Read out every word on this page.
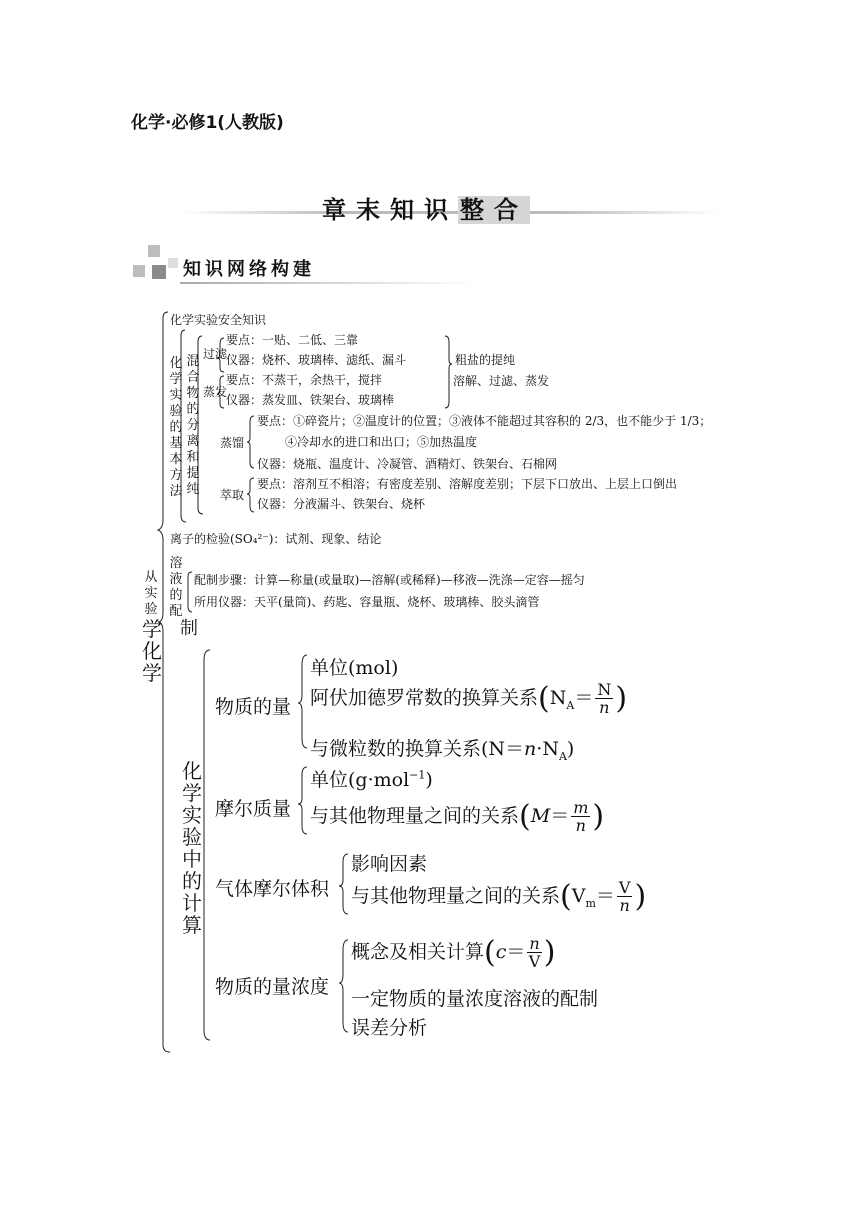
化学·必修1(人教版)
章末知识整合
知识网络构建
化学实验安全知识
化学实验的基本方法
混合物的分离和提纯
过滤
要点：一贴、二低、三靠
仪器：烧杯、玻璃棒、滤纸、漏斗
蒸发
要点：不蒸干，余热干，搅拌
仪器：蒸发皿、铁架台、玻璃棒
粗盐的提纯
溶解、过滤、蒸发
蒸馏
要点：①碎瓷片；②温度计的位置；③液体不能超过其容积的 2/3，也不能少于 1/3；
④冷却水的进口和出口；⑤加热温度
仪器：烧瓶、温度计、冷凝管、酒精灯、铁架台、石棉网
萃取
要点：溶剂互不相溶；有密度差别、溶解度差别；下层下口放出、上层上口倒出
仪器：分液漏斗、铁架台、烧杯
离子的检验(SO₄²⁻)：试剂、现象、结论
溶液的配
制
配制步骤：计算—称量(或量取)—溶解(或稀释)—移液—洗涤—定容—摇匀
所用仪器：天平(量筒)、药匙、容量瓶、烧杯、玻璃棒、胶头滴管
从实验
学化学
化学实验中的计算
物质的量
单位(mol)
阿伏加德罗常数的换算关系($N_A= \frac{N}{n}$ )
与微粒数的换算关系$(N=n\cdot N_A)$
摩尔质量
单位(g·mol$^{-1}$)
与其他物理量之间的关系($M= \frac{m}{n}$ )
气体摩尔体积
影响因素
与其他物理量之间的关系($V_m= \frac{V}{n}$ )
物质的量浓度
概念及相关计算($c= \frac{n}{V}$ )
一定物质的量浓度溶液的配制
误差分析
